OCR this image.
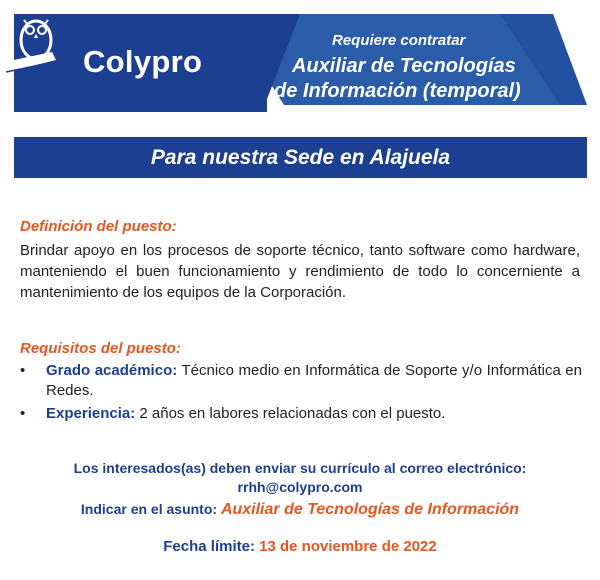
Colypro
Requiere contratar
Auxiliar de Tecnologías
de Información (temporal)
Para nuestra Sede en Alajuela
Definición del puesto:
Brindar apoyo en los procesos de soporte técnico, tanto software como hardware, manteniendo el buen funcionamiento y rendimiento de todo lo concerniente a mantenimiento de los equipos de la Corporación.
Requisitos del puesto:
• Grado académico: Técnico medio en Informática de Soporte y/o Informática en Redes.
• Experiencia: 2 años en labores relacionadas con el puesto.
Los interesados(as) deben enviar su currículo al correo electrónico:
rrhh@colypro.com
Indicar en el asunto: Auxiliar de Tecnologías de Información
Fecha límite: 13 de noviembre de 2022
